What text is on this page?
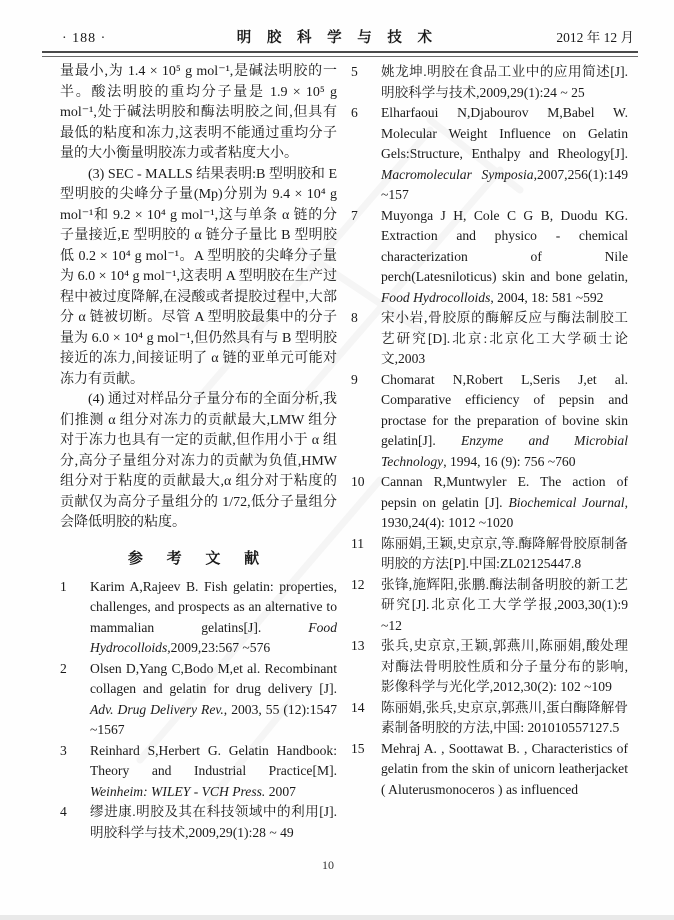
· 188 ·	明 胶 科 学 与 技 术	2012 年 12 月

量最小,为 1.4 × 10⁵ g mol⁻¹,是碱法明胶的一半。酸法明胶的重均分子量是 1.9 × 10⁵ g mol⁻¹,处于碱法明胶和酶法明胶之间,但具有最低的粘度和冻力,这表明不能通过重均分子量的大小衡量明胶冻力或者粘度大小。

(3) SEC - MALLS 结果表明:B 型明胶和 E 型明胶的尖峰分子量(Mp)分别为 9.4 × 10⁴ g mol⁻¹和 9.2 × 10⁴ g mol⁻¹,这与单条 α 链的分子量接近,E 型明胶的 α 链分子量比 B 型明胶低 0.2 × 10⁴ g mol⁻¹。A 型明胶的尖峰分子量为 6.0 × 10⁴ g mol⁻¹,这表明 A 型明胶在生产过程中被过度降解,在浸酸或者提胶过程中,大部分 α 链被切断。尽管 A 型明胶最集中的分子量为 6.0 × 10⁴ g mol⁻¹,但仍然具有与 B 型明胶接近的冻力,间接证明了 α 链的亚单元可能对冻力有贡献。

(4) 通过对样品分子量分布的全面分析,我们推测 α 组分对冻力的贡献最大,LMW 组分对于冻力也具有一定的贡献,但作用小于 α 组分,高分子量组分对冻力的贡献为负值,HMW 组分对于粘度的贡献最大,α 组分对于粘度的贡献仅为高分子量组分的 1/72,低分子量组分会降低明胶的粘度。

参 考 文 献
1	Karim A,Rajeev B. Fish gelatin: properties, challenges, and prospects as an alternative to mammalian gelatins[J]. Food Hydrocolloids,2009,23:567 ~576
2	Olsen D,Yang C,Bodo M,et al. Recombinant collagen and gelatin for drug delivery [J]. Adv. Drug Delivery Rev., 2003, 55 (12):1547 ~1567
3	Reinhard S,Herbert G. Gelatin Handbook: Theory and Industrial Practice[M]. Weinheim: WILEY - VCH Press. 2007
4	缪进康.明胶及其在科技领域中的利用[J].明胶科学与技术,2009,29(1):28 ~ 49
5	姚龙坤.明胶在食品工业中的应用简述[J].明胶科学与技术,2009,29(1):24 ~ 25
6	Elharfaoui N,Djabourov M,Babel W. Molecular Weight Influence on Gelatin Gels:Structure, Enthalpy and Rheology[J]. Macromolecular Symposia,2007,256(1):149 ~157
7	Muyonga J H, Cole C G B, Duodu KG. Extraction and physico - chemical characterization of Nile perch(Latesniloticus) skin and bone gelatin, Food Hydrocolloids, 2004, 18: 581 ~592
8	宋小岩,骨胶原的酶解反应与酶法制胶工艺研究[D].北京:北京化工大学硕士论文,2003
9	Chomarat N,Robert L,Seris J,et al. Comparative efficiency of pepsin and proctase for the preparation of bovine skin gelatin[J]. Enzyme and Microbial Technology, 1994, 16 (9): 756 ~760
10	Cannan R,Muntwyler E. The action of pepsin on gelatin [J]. Biochemical Journal, 1930,24(4): 1012 ~1020
11	陈丽娟,王颖,史京京,等.酶降解骨胶原制备明胶的方法[P].中国:ZL02125447.8
12	张锋,施辉阳,张鹏.酶法制备明胶的新工艺研究[J].北京化工大学学报,2003,30(1):9 ~12
13	张兵,史京京,王颖,郭燕川,陈丽娟,酸处理对酶法骨明胶性质和分子量分布的影响,影像科学与光化学,2012,30(2): 102 ~109
14	陈丽娟,张兵,史京京,郭燕川,蛋白酶降解骨素制备明胶的方法,中国: 201010557127.5
15	Mehraj A. , Soottawat B. , Characteristics of gelatin from the skin of unicorn leatherjacket ( Aluterusmonoceros ) as influenced
10
